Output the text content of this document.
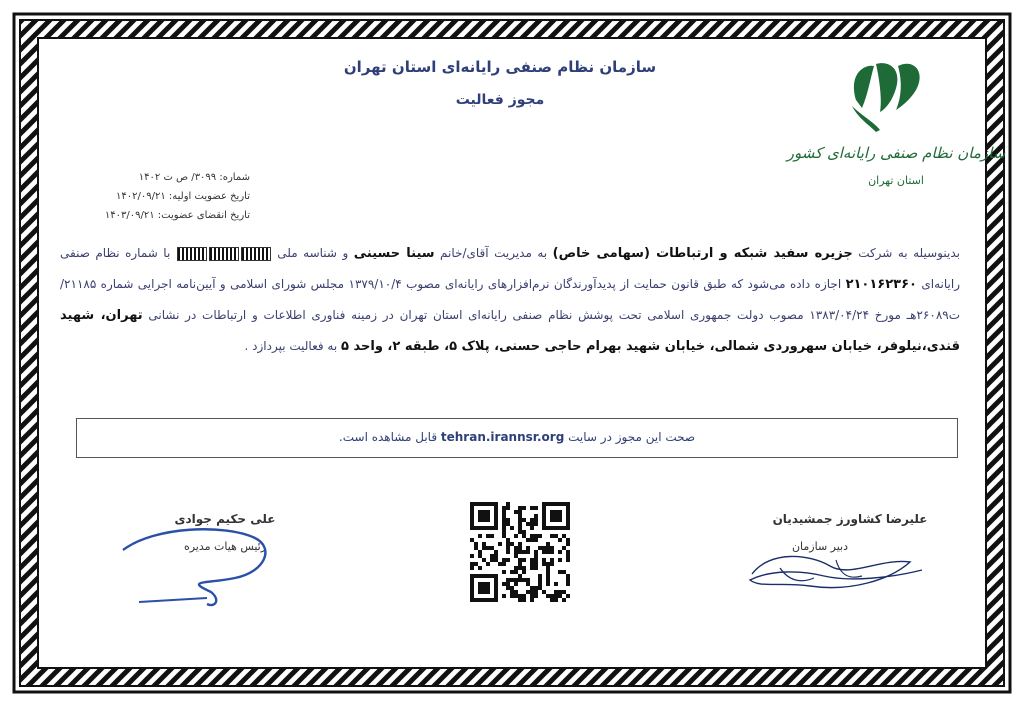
سازمان نظام صنفی رایانه‌ای استان تهران
مجوز فعالیت
سازمان نظام صنفی رایانه‌ای کشور
استان تهران
شماره: ۳۰۹۹/ ص ت ۱۴۰۲
تاریخ عضویت اولیه: ۱۴۰۲/۰۹/۲۱
تاریخ انقضای عضویت: ۱۴۰۳/۰۹/۲۱
بدینوسیله به شرکت جزیره سفید شبکه و ارتباطات (سهامی خاص) به مدیریت آقای/خانم سینا حسینی و شناسه ملی  با شماره نظام صنفی رایانه‌ای ۲۱۰۱۶۲۳۶۰ اجازه داده می‌شود که طبق قانون حمایت از پدیدآورندگان نرم‌افزارهای رایانه‌ای مصوب ۱۳۷۹/۱۰/۴ مجلس شورای اسلامی و آیین‌نامه اجرایی شماره ۲۱۱۸۵/ت۲۶۰۸۹هـ مورخ ۱۳۸۳/۰۴/۲۴ مصوب دولت جمهوری اسلامی تحت پوشش نظام صنفی رایانه‌ای استان تهران در زمینه فناوری اطلاعات و ارتباطات در نشانی تهران، شهید قندی،نیلوفر، خیابان سهروردی شمالی، خیابان شهید بهرام حاجی حسنی، پلاک ۵، طبقه ۲، واحد ۵ به فعالیت بپردازد .
صحت این مجوز در سایت tehran.irannsr.org قابل مشاهده است.
علیرضا کشاورز جمشیدیان
دبیر سازمان
علی حکیم جوادی
رئیس هیات مدیره
